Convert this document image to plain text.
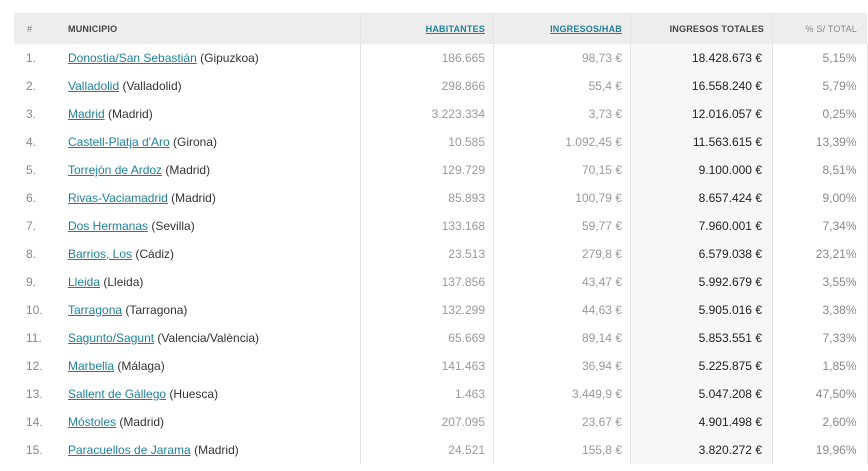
#	MUNICIPIO	HABITANTES	INGRESOS/HAB	INGRESOS TOTALES	% S/ TOTAL
1.	Donostia/San Sebastián (Gipuzkoa)	186.665	98,73 €	18.428.673 €	5,15%
2.	Valladolid (Valladolid)	298.866	55,4 €	16.558.240 €	5,79%
3.	Madrid (Madrid)	3.223.334	3,73 €	12.016.057 €	0,25%
4.	Castell-Platja d'Aro (Girona)	10.585	1.092,45 €	11.563.615 €	13,39%
5.	Torrejón de Ardoz (Madrid)	129.729	70,15 €	9.100.000 €	8,51%
6.	Rivas-Vaciamadrid (Madrid)	85.893	100,79 €	8.657.424 €	9,00%
7.	Dos Hermanas (Sevilla)	133.168	59,77 €	7.960.001 €	7,34%
8.	Barrios, Los (Cádiz)	23.513	279,8 €	6.579.038 €	23,21%
9.	Lleida (Lleida)	137.856	43,47 €	5.992.679 €	3,55%
10.	Tarragona (Tarragona)	132.299	44,63 €	5.905.016 €	3,38%
11.	Sagunto/Sagunt (Valencia/València)	65.669	89,14 €	5.853.551 €	7,33%
12.	Marbella (Málaga)	141.463	36,94 €	5.225.875 €	1,85%
13.	Sallent de Gállego (Huesca)	1.463	3.449,9 €	5.047.208 €	47,50%
14.	Móstoles (Madrid)	207.095	23,67 €	4.901.498 €	2,60%
15.	Paracuellos de Jarama (Madrid)	24.521	155,8 €	3.820.272 €	19,96%
